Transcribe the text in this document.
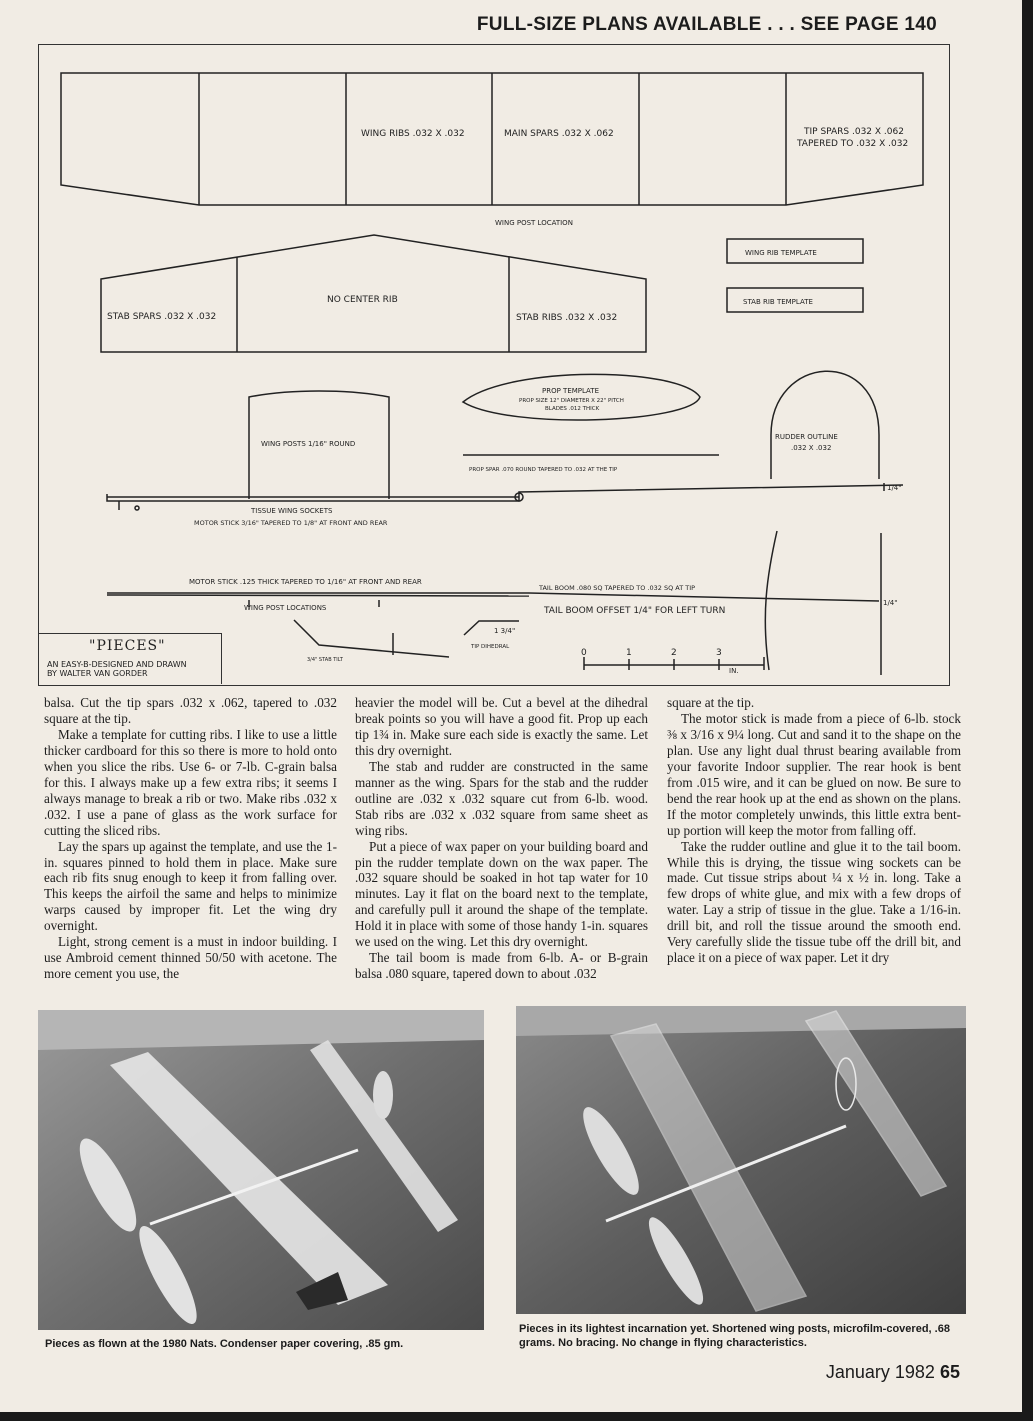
FULL-SIZE PLANS AVAILABLE . . . SEE PAGE 140
WING RIBS .032 X .032	MAIN SPARS .032 X .062	TIP SPARS .032 X .062
TAPERED TO .032 X .032
WING POST LOCATION
WING RIB TEMPLATE
STAB RIB TEMPLATE
STAB SPARS .032 X .032
NO CENTER RIB
STAB RIBS .032 X .032
PROP TEMPLATE
PROP SIZE 12" DIAMETER X 22" PITCH
BLADES .012 THICK
WING POSTS 1/16" ROUND
PROP SPAR .070 ROUND TAPERED TO .032 AT THE TIP
RUDDER OUTLINE
.032 X .032
1/4"
TISSUE WING SOCKETS
MOTOR STICK 3/16" TAPERED TO 1/8" AT FRONT AND REAR
MOTOR STICK .125 THICK TAPERED TO 1/16" AT FRONT AND REAR
TAIL BOOM .080 SQ TAPERED TO .032 SQ AT TIP
TAIL BOOM OFFSET 1/4" FOR LEFT TURN
1/4"
WING POST LOCATIONS
3/4" STAB TILT
1 3/4"
TIP DIHEDRAL
0	1	2	3
IN.
"PIECES"
AN EASY-B-DESIGNED AND DRAWN
BY WALTER VAN GORDER

balsa. Cut the tip spars .032 x .062, tapered to .032 square at the tip.

Make a template for cutting ribs. I like to use a little thicker cardboard for this so there is more to hold onto when you slice the ribs. Use 6- or 7-lb. C-grain balsa for this. I always make up a few extra ribs; it seems I always manage to break a rib or two. Make ribs .032 x .032. I use a pane of glass as the work surface for cutting the sliced ribs.

Lay the spars up against the template, and use the 1-in. squares pinned to hold them in place. Make sure each rib fits snug enough to keep it from falling over. This keeps the airfoil the same and helps to minimize warps caused by improper fit. Let the wing dry overnight.

Light, strong cement is a must in indoor building. I use Ambroid cement thinned 50/50 with acetone. The more cement you use, the

heavier the model will be. Cut a bevel at the dihedral break points so you will have a good fit. Prop up each tip 1¾ in. Make sure each side is exactly the same. Let this dry overnight.

The stab and rudder are constructed in the same manner as the wing. Spars for the stab and the rudder outline are .032 x .032 square cut from 6-lb. wood. Stab ribs are .032 x .032 square from same sheet as wing ribs.

Put a piece of wax paper on your building board and pin the rudder template down on the wax paper. The .032 square should be soaked in hot tap water for 10 minutes. Lay it flat on the board next to the template, and carefully pull it around the shape of the template. Hold it in place with some of those handy 1-in. squares we used on the wing. Let this dry overnight.

The tail boom is made from 6-lb. A- or B-grain balsa .080 square, tapered down to about .032

square at the tip.

The motor stick is made from a piece of 6-lb. stock ⅜ x 3/16 x 9¼ long. Cut and sand it to the shape on the plan. Use any light dual thrust bearing available from your favorite Indoor supplier. The rear hook is bent from .015 wire, and it can be glued on now. Be sure to bend the rear hook up at the end as shown on the plans. If the motor completely unwinds, this little extra bent-up portion will keep the motor from falling off.

Take the rudder outline and glue it to the tail boom. While this is drying, the tissue wing sockets can be made. Cut tissue strips about ¼ x ½ in. long. Take a few drops of white glue, and mix with a few drops of water. Lay a strip of tissue in the glue. Take a 1/16-in. drill bit, and roll the tissue around the smooth end. Very carefully slide the tissue tube off the drill bit, and place it on a piece of wax paper. Let it dry

Pieces as flown at the 1980 Nats. Condenser paper covering, .85 gm.
Pieces in its lightest incarnation yet. Shortened wing posts, microfilm-covered, .68 grams. No bracing. No change in flying characteristics.
January 1982 65
